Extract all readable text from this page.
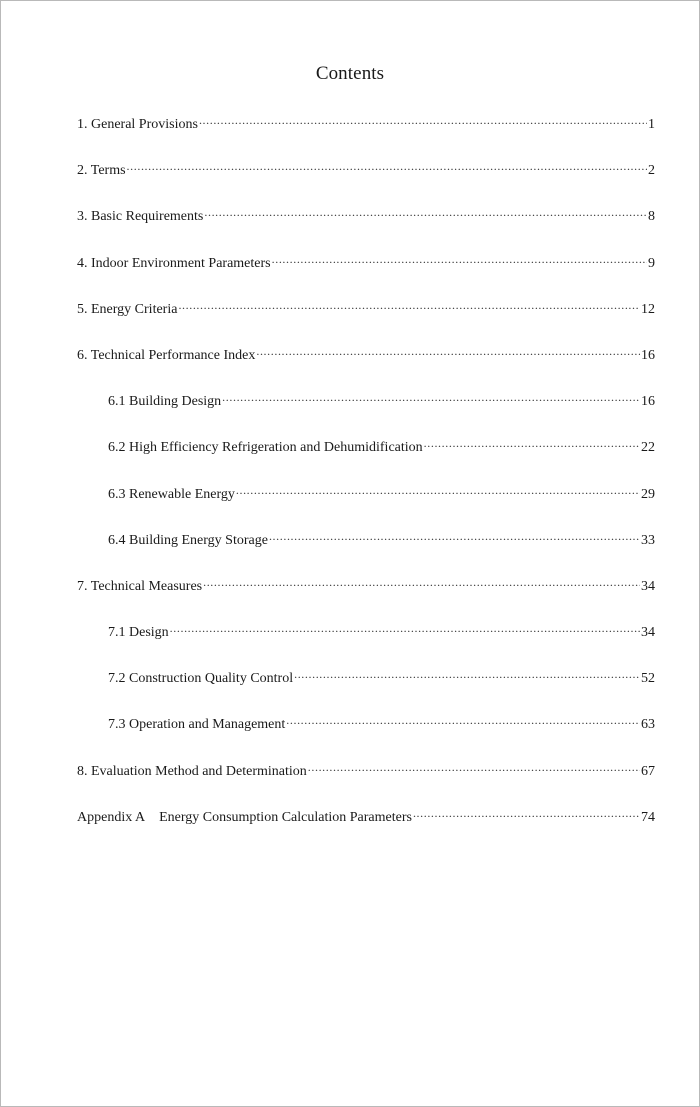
Contents
1. General Provisions .....	1
2. Terms .....	2
3. Basic Requirements .....	8
4. Indoor Environment Parameters .....	9
5. Energy Criteria .....	12
6. Technical Performance Index .....	16
6.1 Building Design .....	16
6.2 High Efficiency Refrigeration and Dehumidification .....	22
6.3 Renewable Energy .....	29
6.4 Building Energy Storage .....	33
7. Technical Measures .....	34
7.1 Design .....	34
7.2 Construction Quality Control .....	52
7.3 Operation and Management .....	63
8. Evaluation Method and Determination .....	67
Appendix A Energy Consumption Calculation Parameters .....	74
